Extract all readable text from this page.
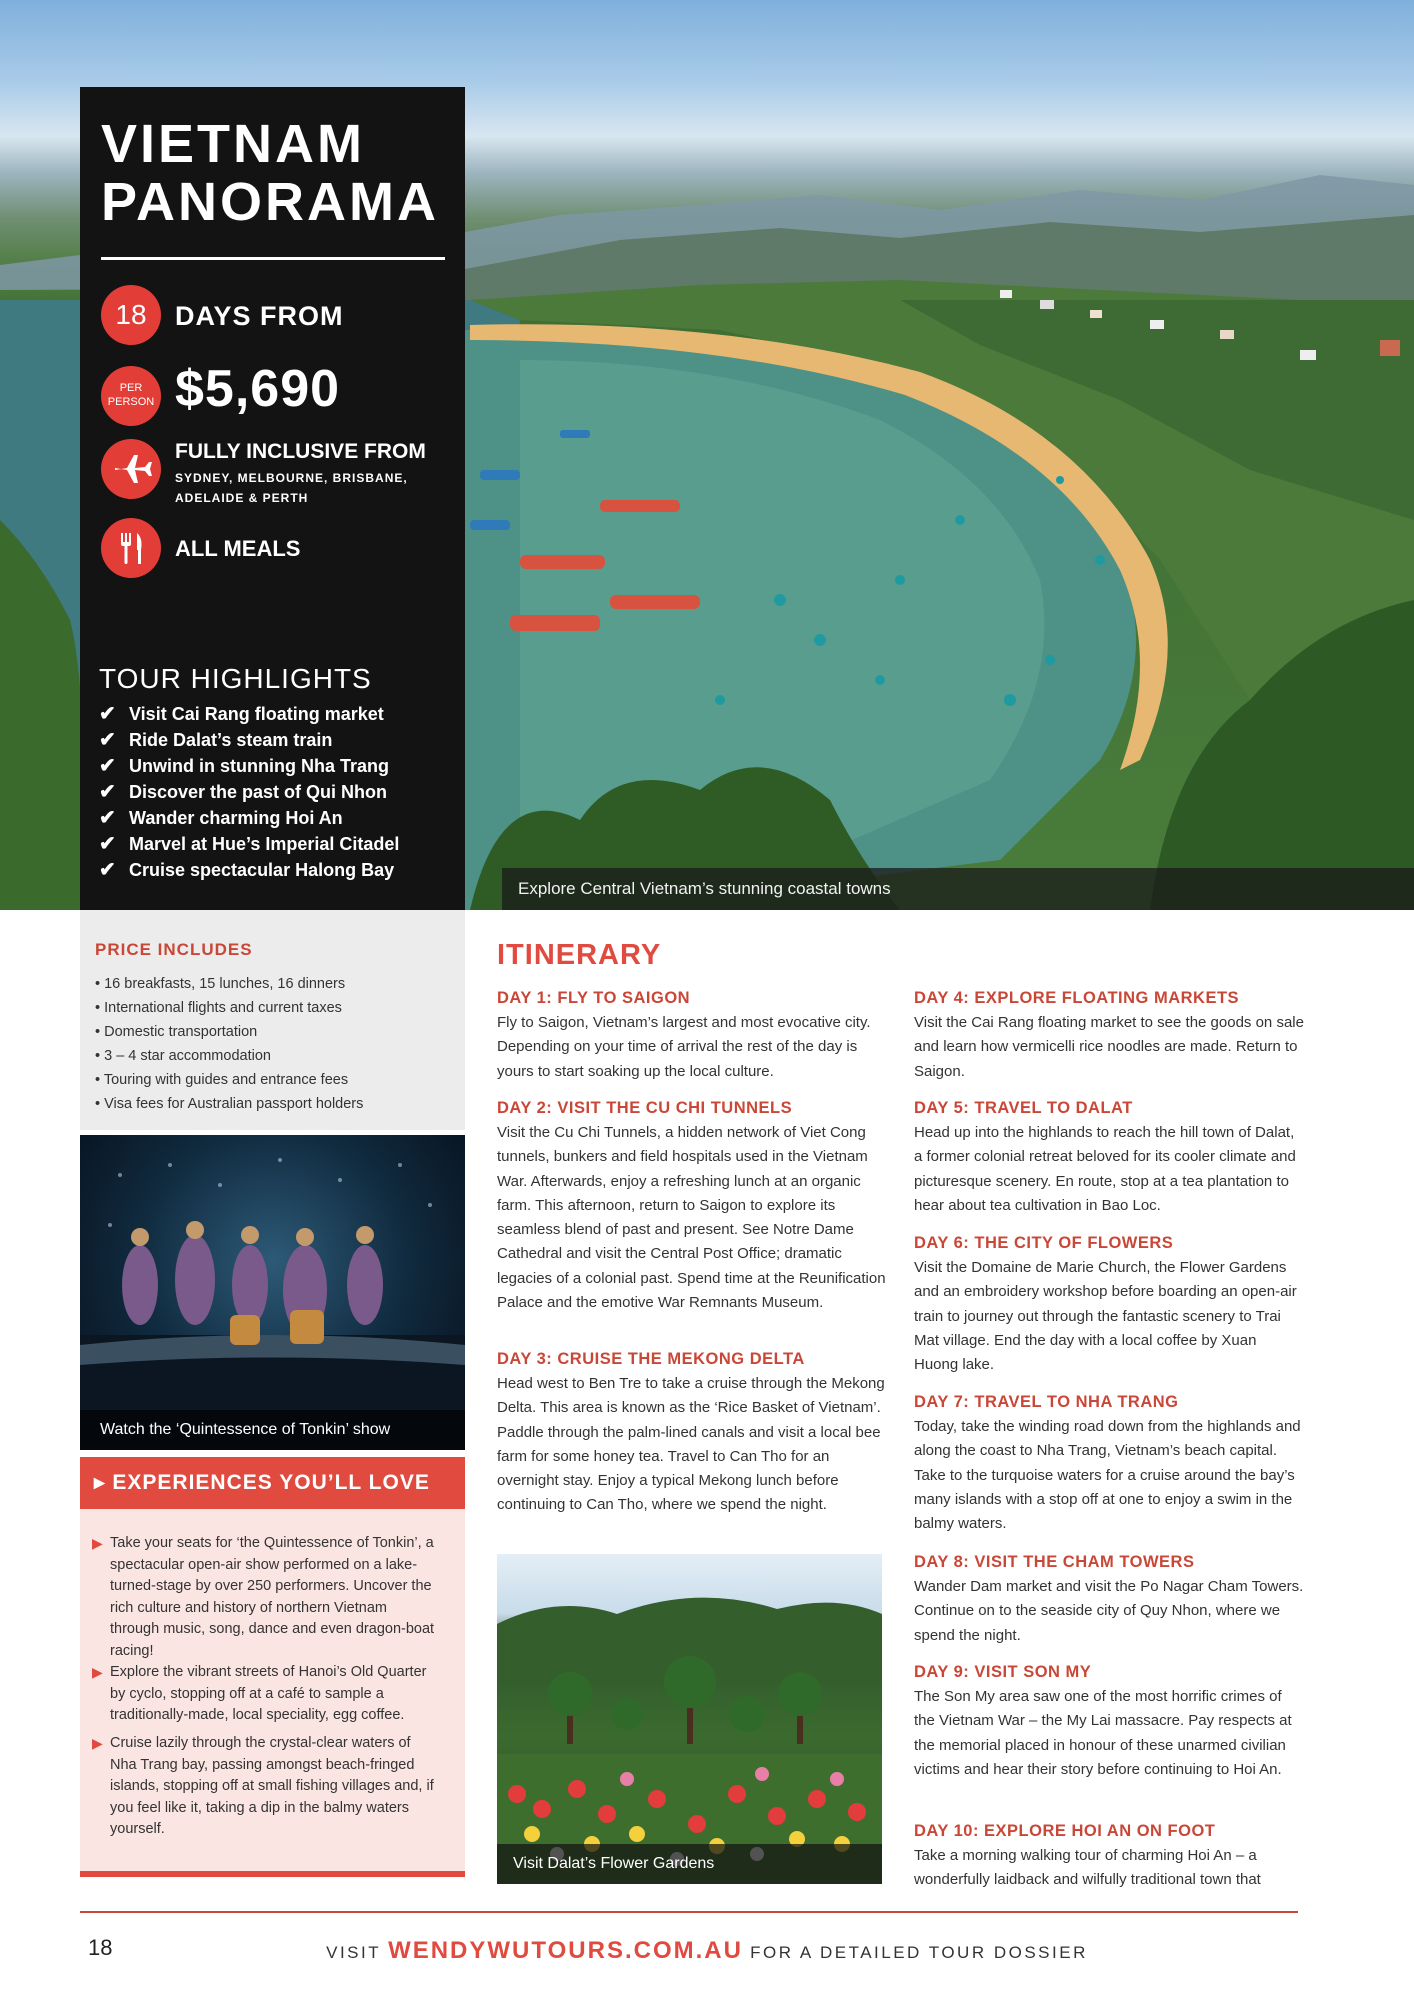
Explore Central Vietnam’s stunning coastal towns
VIETNAM
PANORAMA
18	DAYS FROM
PER PERSON $5,690
FULLY INCLUSIVE FROM
SYDNEY, MELBOURNE, BRISBANE, ADELAIDE & PERTH
ALL MEALS
TOUR HIGHLIGHTS
✔ Visit Cai Rang floating market
✔ Ride Dalat’s steam train
✔ Unwind in stunning Nha Trang
✔ Discover the past of Qui Nhon
✔ Wander charming Hoi An
✔ Marvel at Hue’s Imperial Citadel
✔ Cruise spectacular Halong Bay
PRICE INCLUDES
• 16 breakfasts, 15 lunches, 16 dinners
• International flights and current taxes
• Domestic transportation
• 3 – 4 star accommodation
• Touring with guides and entrance fees
• Visa fees for Australian passport holders
Watch the ‘Quintessence of Tonkin’ show
▸ EXPERIENCES YOU’LL LOVE
▶ Take your seats for ‘the Quintessence of Tonkin’, a spectacular open-air show performed on a lake-turned-stage by over 250 performers. Uncover the rich culture and history of northern Vietnam through music, song, dance and even dragon-boat racing!
▶ Explore the vibrant streets of Hanoi’s Old Quarter by cyclo, stopping off at a café to sample a traditionally-made, local speciality, egg coffee.
▶ Cruise lazily through the crystal-clear waters of Nha Trang bay, passing amongst beach-fringed islands, stopping off at small fishing villages and, if you feel like it, taking a dip in the balmy waters yourself.
ITINERARY
DAY 1: FLY TO SAIGON

Fly to Saigon, Vietnam’s largest and most evocative city. Depending on your time of arrival the rest of the day is yours to start soaking up the local culture.

DAY 2: VISIT THE CU CHI TUNNELS

Visit the Cu Chi Tunnels, a hidden network of Viet Cong tunnels, bunkers and field hospitals used in the Vietnam War. Afterwards, enjoy a refreshing lunch at an organic farm. This afternoon, return to Saigon to explore its seamless blend of past and present. See Notre Dame Cathedral and visit the Central Post Office; dramatic legacies of a colonial past. Spend time at the Reunification Palace and the emotive War Remnants Museum.

DAY 3: CRUISE THE MEKONG DELTA

Head west to Ben Tre to take a cruise through the Mekong Delta. This area is known as the ‘Rice Basket of Vietnam’. Paddle through the palm-lined canals and visit a local bee farm for some honey tea. Travel to Can Tho for an overnight stay. Enjoy a typical Mekong lunch before continuing to Can Tho, where we spend the night.

Visit Dalat’s Flower Gardens
DAY 4: EXPLORE FLOATING MARKETS

Visit the Cai Rang floating market to see the goods on sale and learn how vermicelli rice noodles are made. Return to Saigon.

DAY 5: TRAVEL TO DALAT

Head up into the highlands to reach the hill town of Dalat, a former colonial retreat beloved for its cooler climate and picturesque scenery. En route, stop at a tea plantation to hear about tea cultivation in Bao Loc.

DAY 6: THE CITY OF FLOWERS

Visit the Domaine de Marie Church, the Flower Gardens and an embroidery workshop before boarding an open-air train to journey out through the fantastic scenery to Trai Mat village. End the day with a local coffee by Xuan Huong lake.

DAY 7: TRAVEL TO NHA TRANG

Today, take the winding road down from the highlands and along the coast to Nha Trang, Vietnam’s beach capital. Take to the turquoise waters for a cruise around the bay’s many islands with a stop off at one to enjoy a swim in the balmy waters.

DAY 8: VISIT THE CHAM TOWERS

Wander Dam market and visit the Po Nagar Cham Towers. Continue on to the seaside city of Quy Nhon, where we spend the night.

DAY 9: VISIT SON MY

The Son My area saw one of the most horrific crimes of the Vietnam War – the My Lai massacre. Pay respects at the memorial placed in honour of these unarmed civilian victims and hear their story before continuing to Hoi An.

DAY 10: EXPLORE HOI AN ON FOOT

Take a morning walking tour of charming Hoi An – a wonderfully laidback and wilfully traditional town that

18	VISIT WENDYWUTOURS.COM.AU FOR A DETAILED TOUR DOSSIER
